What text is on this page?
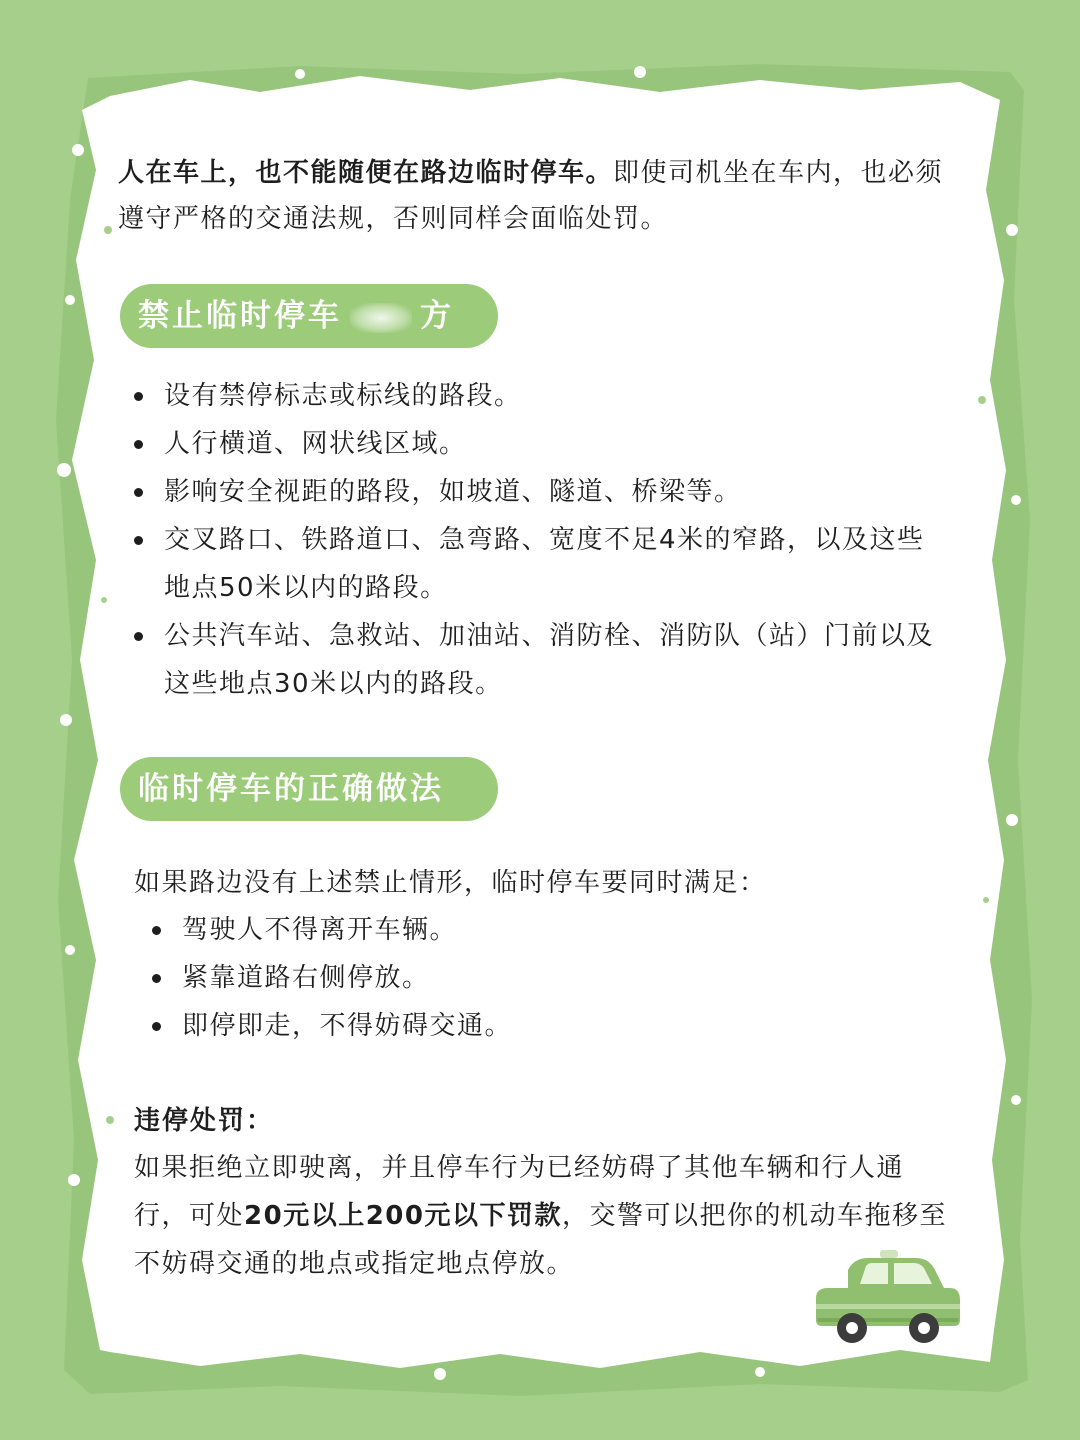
人在车上，也不能随便在路边临时停车。即使司机坐在车内，也必须遵守严格的交通法规，否则同样会面临处罚。

禁止临时停车	方
设有禁停标志或标线的路段。
人行横道、网状线区域。
影响安全视距的路段，如坡道、隧道、桥梁等。
交叉路口、铁路道口、急弯路、宽度不足4米的窄路，以及这些地点50米以内的路段。
公共汽车站、急救站、加油站、消防栓、消防队（站）门前以及这些地点30米以内的路段。
临时停车的正确做法

如果路边没有上述禁止情形，临时停车要同时满足：

驾驶人不得离开车辆。
紧靠道路右侧停放。
即停即走，不得妨碍交通。
违停处罚：

如果拒绝立即驶离，并且停车行为已经妨碍了其他车辆和行人通行，可处20元以上200元以下罚款，交警可以把你的机动车拖移至不妨碍交通的地点或指定地点停放。
